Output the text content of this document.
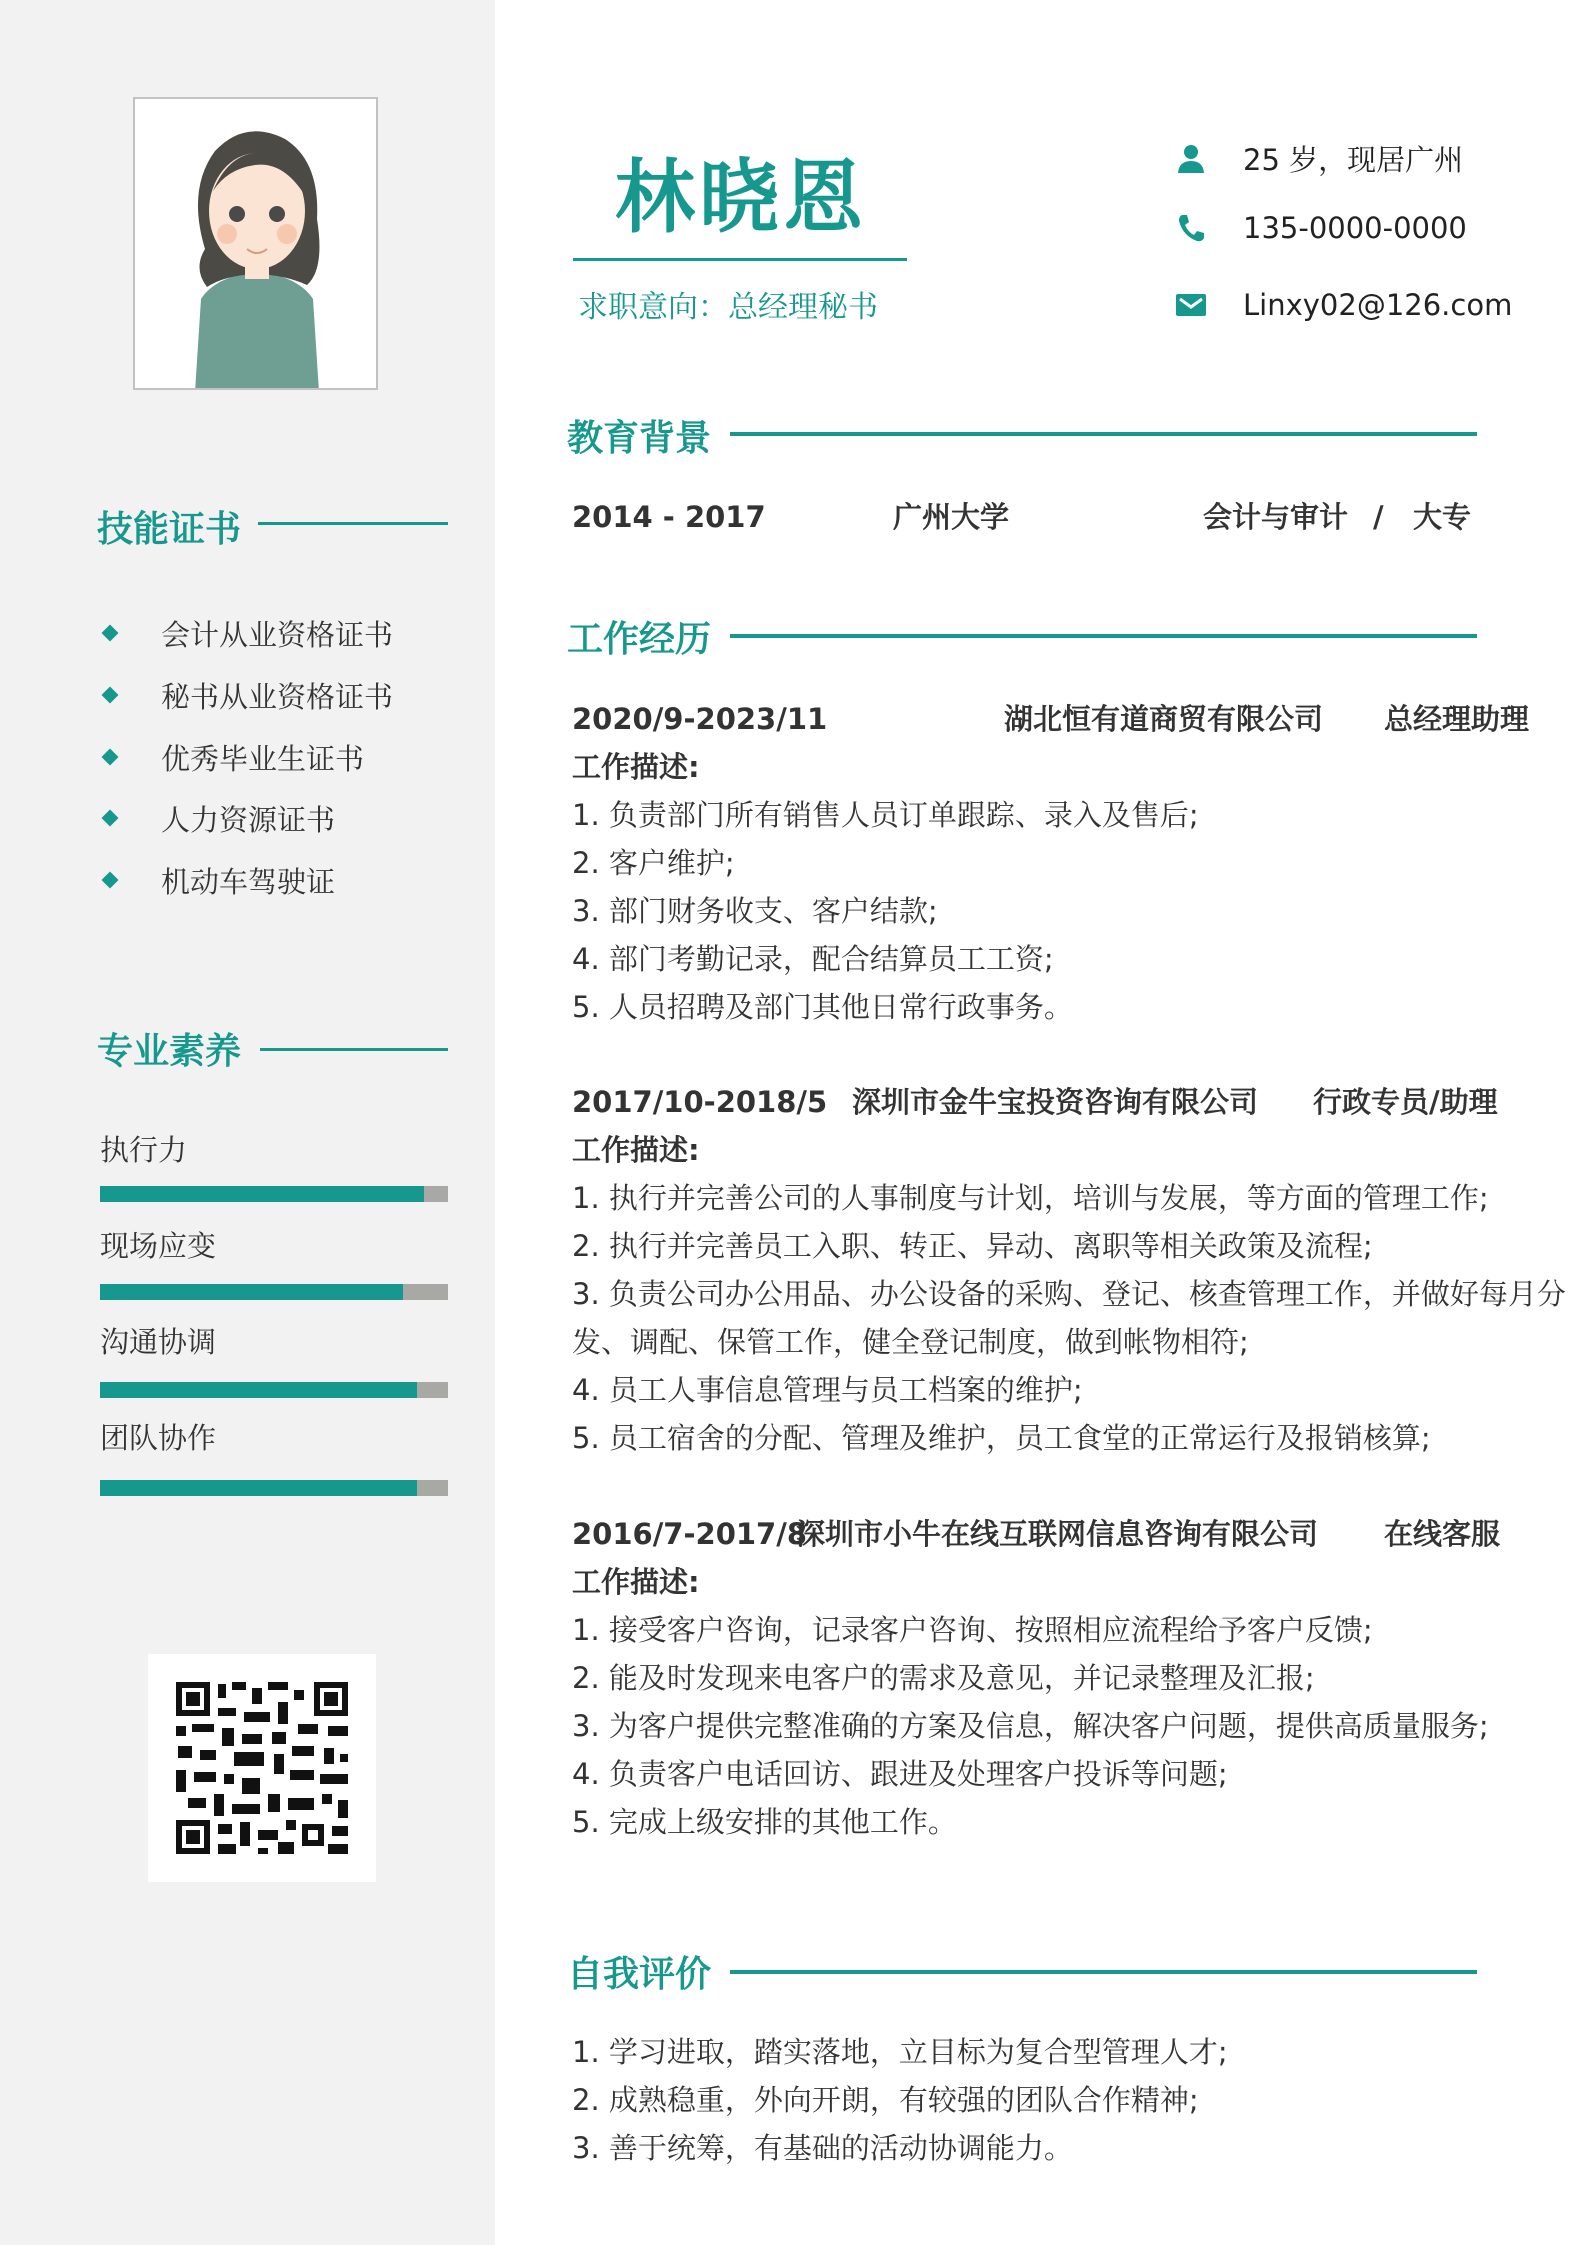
技能证书
会计从业资格证书
秘书从业资格证书
优秀毕业生证书
人力资源证书
机动车驾驶证
专业素养
执行力
现场应变
沟通协调
团队协作
林晓恩
求职意向：总经理秘书
25 岁，现居广州
135-0000-0000
Linxy02@126.com
教育背景
2014 - 2017	广州大学	会计与审计 / 大专
工作经历
2020/9-2023/11	湖北恒有道商贸有限公司 总经理助理
工作描述:
1. 负责部门所有销售人员订单跟踪、录入及售后;
2. 客户维护;
3. 部门财务收支、客户结款;
4. 部门考勤记录，配合结算员工工资;
5. 人员招聘及部门其他日常行政事务。
2017/10-2018/5 深圳市金牛宝投资咨询有限公司 行政专员/助理
工作描述:
1. 执行并完善公司的人事制度与计划，培训与发展，等方面的管理工作;
2. 执行并完善员工入职、转正、异动、离职等相关政策及流程;
3. 负责公司办公用品、办公设备的采购、登记、核查管理工作，并做好每月分
发、调配、保管工作，健全登记制度，做到帐物相符;
4. 员工人事信息管理与员工档案的维护;
5. 员工宿舍的分配、管理及维护，员工食堂的正常运行及报销核算;
2016/7-2017/8
深圳市小牛在线互联网信息咨询有限公司 在线客服
工作描述:
1. 接受客户咨询，记录客户咨询、按照相应流程给予客户反馈;
2. 能及时发现来电客户的需求及意见，并记录整理及汇报;
3. 为客户提供完整准确的方案及信息，解决客户问题，提供高质量服务;
4. 负责客户电话回访、跟进及处理客户投诉等问题;
5. 完成上级安排的其他工作。
自我评价
1. 学习进取，踏实落地，立目标为复合型管理人才;
2. 成熟稳重，外向开朗，有较强的团队合作精神;
3. 善于统筹，有基础的活动协调能力。
